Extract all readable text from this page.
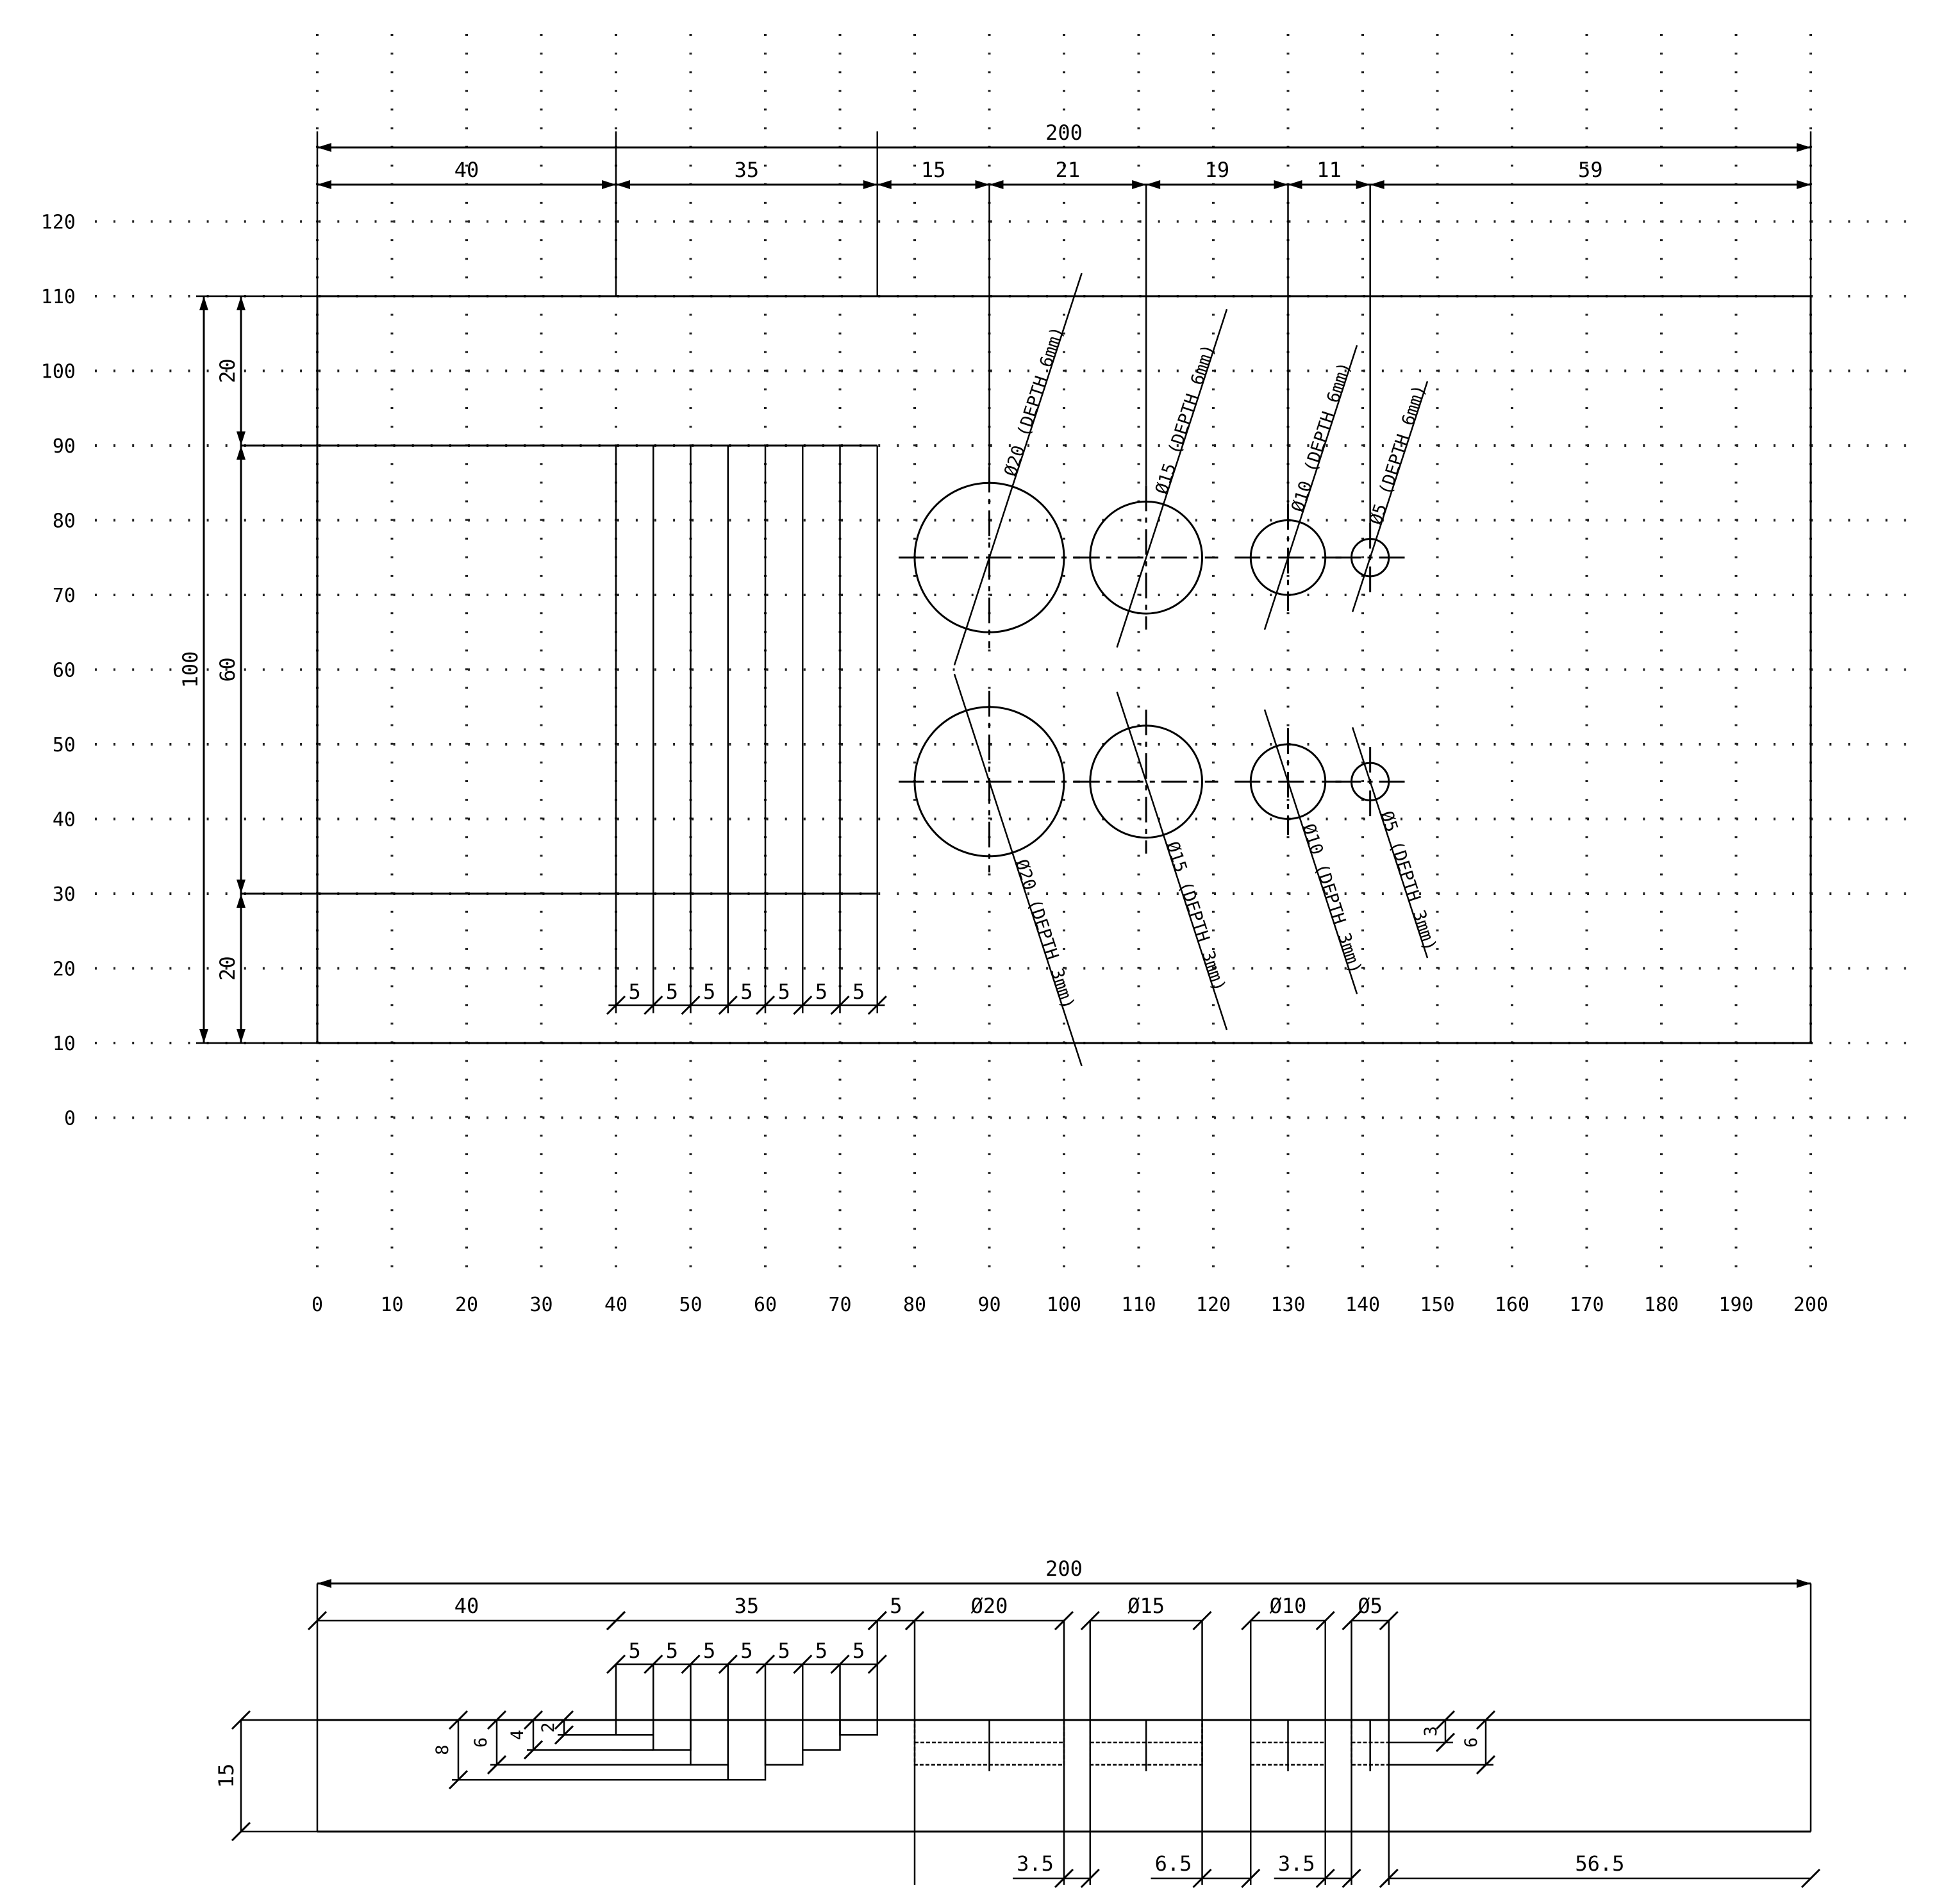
0	10	20	30	40	50	60	70	80	90 100 110 120 130 140 150 160 170 180 190 200
120
110
100
90
80
70
60
50
40
30
20
10
0
Ø20 (DEPTH 6mm)
Ø20 (DEPTH 3mm)
Ø15 (DEPTH 6mm)
Ø15 (DEPTH 3mm)
Ø10 (DEPTH 6mm)
Ø10 (DEPTH 3mm)
Ø5 (DEPTH 6mm)
Ø5 (DEPTH 3mm)
200
40	35	15	21	19	11	59
100
20
60
20
5 5 5 5 5 5 5
200
40	35	5	Ø20	Ø15	Ø10 Ø5
5 5 5 5 5 5 5
3.5	6.5	3.5	56.5
15
8
6
4
2	3
6
